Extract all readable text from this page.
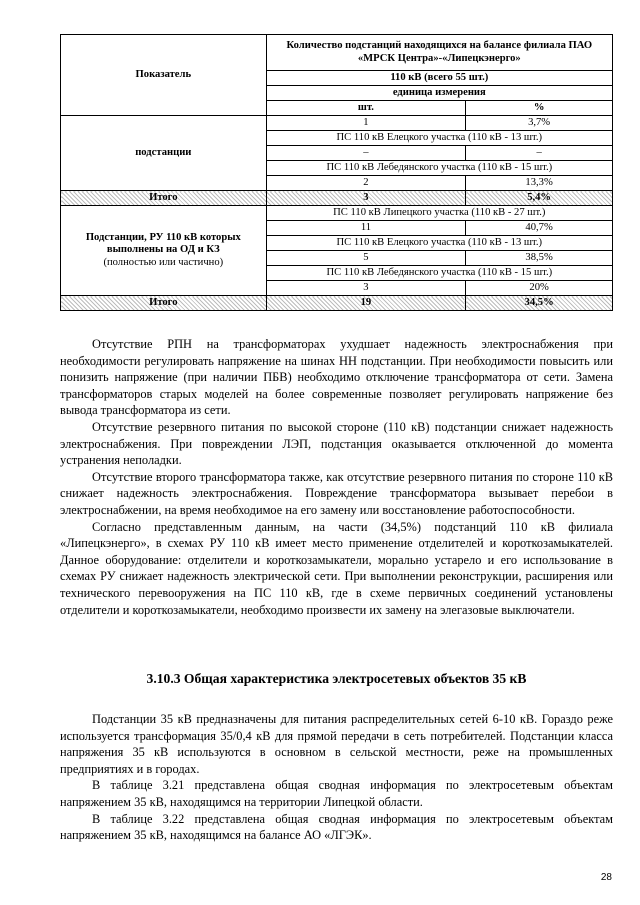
Показатель	Количество подстанций находящихся на балансе филиала ПАО «МРСК Центра»-«Липецкэнерго»	
	110 кВ (всего 55 шт.)	
	единица измерения	
	шт.	%
подстанции	1	3,7%
	ПС 110 кВ Елецкого участка (110 кВ - 13 шт.)	
	–	–
	ПС 110 кВ Лебедянского участка (110 кВ - 15 шт.)	
	2	13,3%
Итого	3	5,4%

Подстанции, РУ 110 кВ которых выполнены на ОД и КЗ
(полностью или частично)	ПС 110 кВ Липецкого участка (110 кВ - 27 шт.)	
	11	40,7%
	ПС 110 кВ Елецкого участка (110 кВ - 13 шт.)	
	5	38,5%
	ПС 110 кВ Лебедянского участка (110 кВ - 15 шт.)	
	3	20%
Итого	19	34,5%

Отсутствие РПН на трансформаторах ухудшает надежность электроснабжения при необходимости регулировать напряжение на шинах НН подстанции. При необходимости повысить или понизить напряжение (при наличии ПБВ) необходимо отключение трансформатора от сети. Замена трансформаторов старых моделей на более современные позволяет регулировать напряжение без вывода трансформатора из сети.

Отсутствие резервного питания по высокой стороне (110 кВ) подстанции снижает надежность электроснабжения. При повреждении ЛЭП, подстанция оказывается отключенной до момента устранения неполадки.

Отсутствие второго трансформатора также, как отсутствие резервного питания по стороне 110 кВ снижает надежность электроснабжения. Повреждение трансформатора вызывает перебои в электроснабжении, на время необходимое на его замену или восстановление работоспособности.

Согласно представленным данным, на части (34,5%) подстанций 110 кВ филиала «Липецкэнерго», в схемах РУ 110 кВ имеет место применение отделителей и короткозамыкателей. Данное оборудование: отделители и короткозамыкатели, морально устарело и его использование в схемах РУ снижает надежность электрической сети. При выполнении реконструкции, расширения или технического перевооружения на ПС 110 кВ, где в схеме первичных соединений установлены отделители и короткозамыкатели, необходимо произвести их замену на элегазовые выключатели.

3.10.3 Общая характеристика электросетевых объектов 35 кВ

Подстанции 35 кВ предназначены для питания распределительных сетей 6-10 кВ. Гораздо реже используется трансформация 35/0,4 кВ для прямой передачи в сеть потребителей. Подстанции класса напряжения 35 кВ используются в основном в сельской местности, реже на промышленных предприятиях и в городах.

В таблице 3.21 представлена общая сводная информация по электросетевым объектам напряжением 35 кВ, находящимся на территории Липецкой области.

В таблице 3.22 представлена общая сводная информация по электросетевым объектам напряжением 35 кВ, находящимся на балансе АО «ЛГЭК».

28
